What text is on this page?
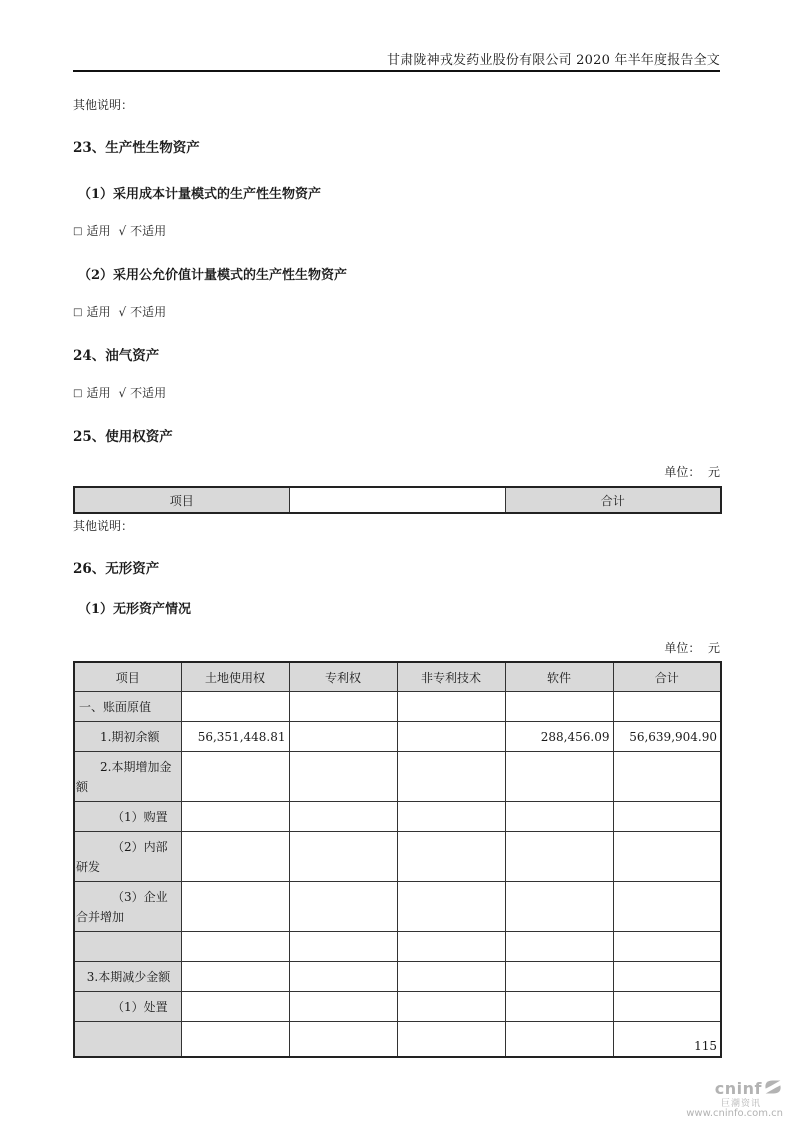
甘肃陇神戎发药业股份有限公司 2020 年半年度报告全文
其他说明：
23、生产性生物资产
（1）采用成本计量模式的生产性生物资产
□ 适用 √ 不适用
（2）采用公允价值计量模式的生产性生物资产
□ 适用 √ 不适用
24、油气资产
□ 适用 √ 不适用
25、使用权资产
单位：  元
项目		合计
其他说明：
26、无形资产
（1）无形资产情况
单位：  元
项目	土地使用权	专利权	非专利技术	软件	合计
一、账面原值					
1.期初余额	56,351,448.81			288,456.09	56,639,904.90
2.本期增加金额					
（1）购置					
（2）内部研发					
（3）企业合并增加					

3.本期减少金额					
（1）处置					

115
cninf
巨潮资讯
www.cninfo.com.cn
